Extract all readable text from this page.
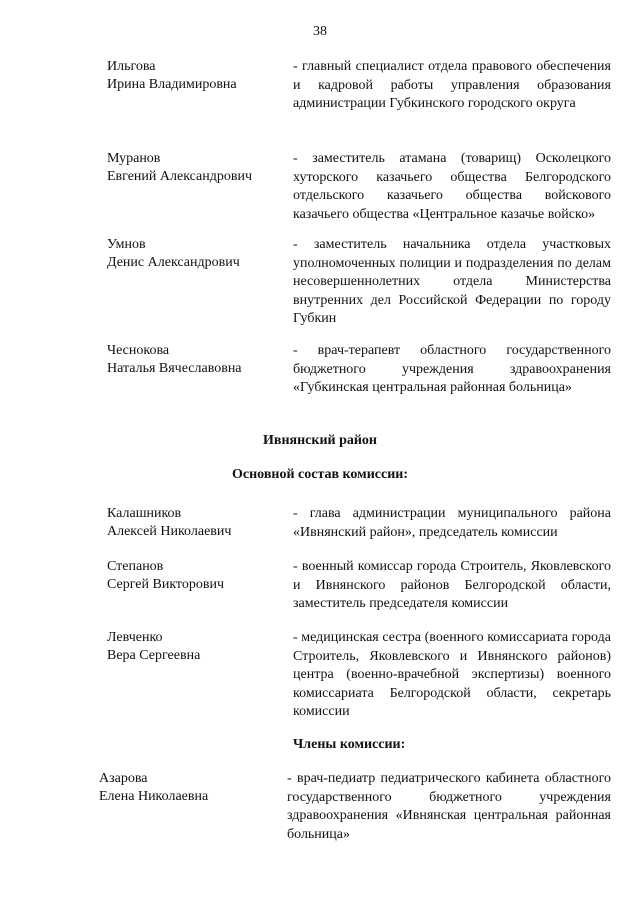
38
Ильгова
Ирина Владимировна
- главный специалист отдела правового обеспечения и кадровой работы управления образования администрации Губкинского городского округа
Муранов
Евгений Александрович
- заместитель атамана (товарищ) Осколецкого хуторского казачьего общества Белгородского отдельского казачьего общества войскового казачьего общества «Центральное казачье войско»
Умнов
Денис Александрович
- заместитель начальника отдела участковых уполномоченных полиции и подразделения по делам несовершеннолетних отдела Министерства внутренних дел Российской Федерации по городу Губкин
Чеснокова
Наталья Вячеславовна
- врач-терапевт областного государственного бюджетного учреждения здравоохранения «Губкинская центральная районная больница»
Ивнянский район
Основной состав комиссии:
Калашников
Алексей Николаевич
- глава администрации муниципального района «Ивнянский район», председатель комиссии
Степанов
Сергей Викторович
- военный комиссар города Строитель, Яковлевского и Ивнянского районов Белгородской области, заместитель председателя комиссии
Левченко
Вера Сергеевна
- медицинская сестра (военного комиссариата города Строитель, Яковлевского и Ивнянского районов) центра (военно-врачебной экспертизы) военного комиссариата Белгородской области, секретарь комиссии
Члены комиссии:
Азарова
Елена Николаевна
- врач-педиатр педиатрического кабинета областного государственного бюджетного учреждения здравоохранения «Ивнянская центральная районная больница»
